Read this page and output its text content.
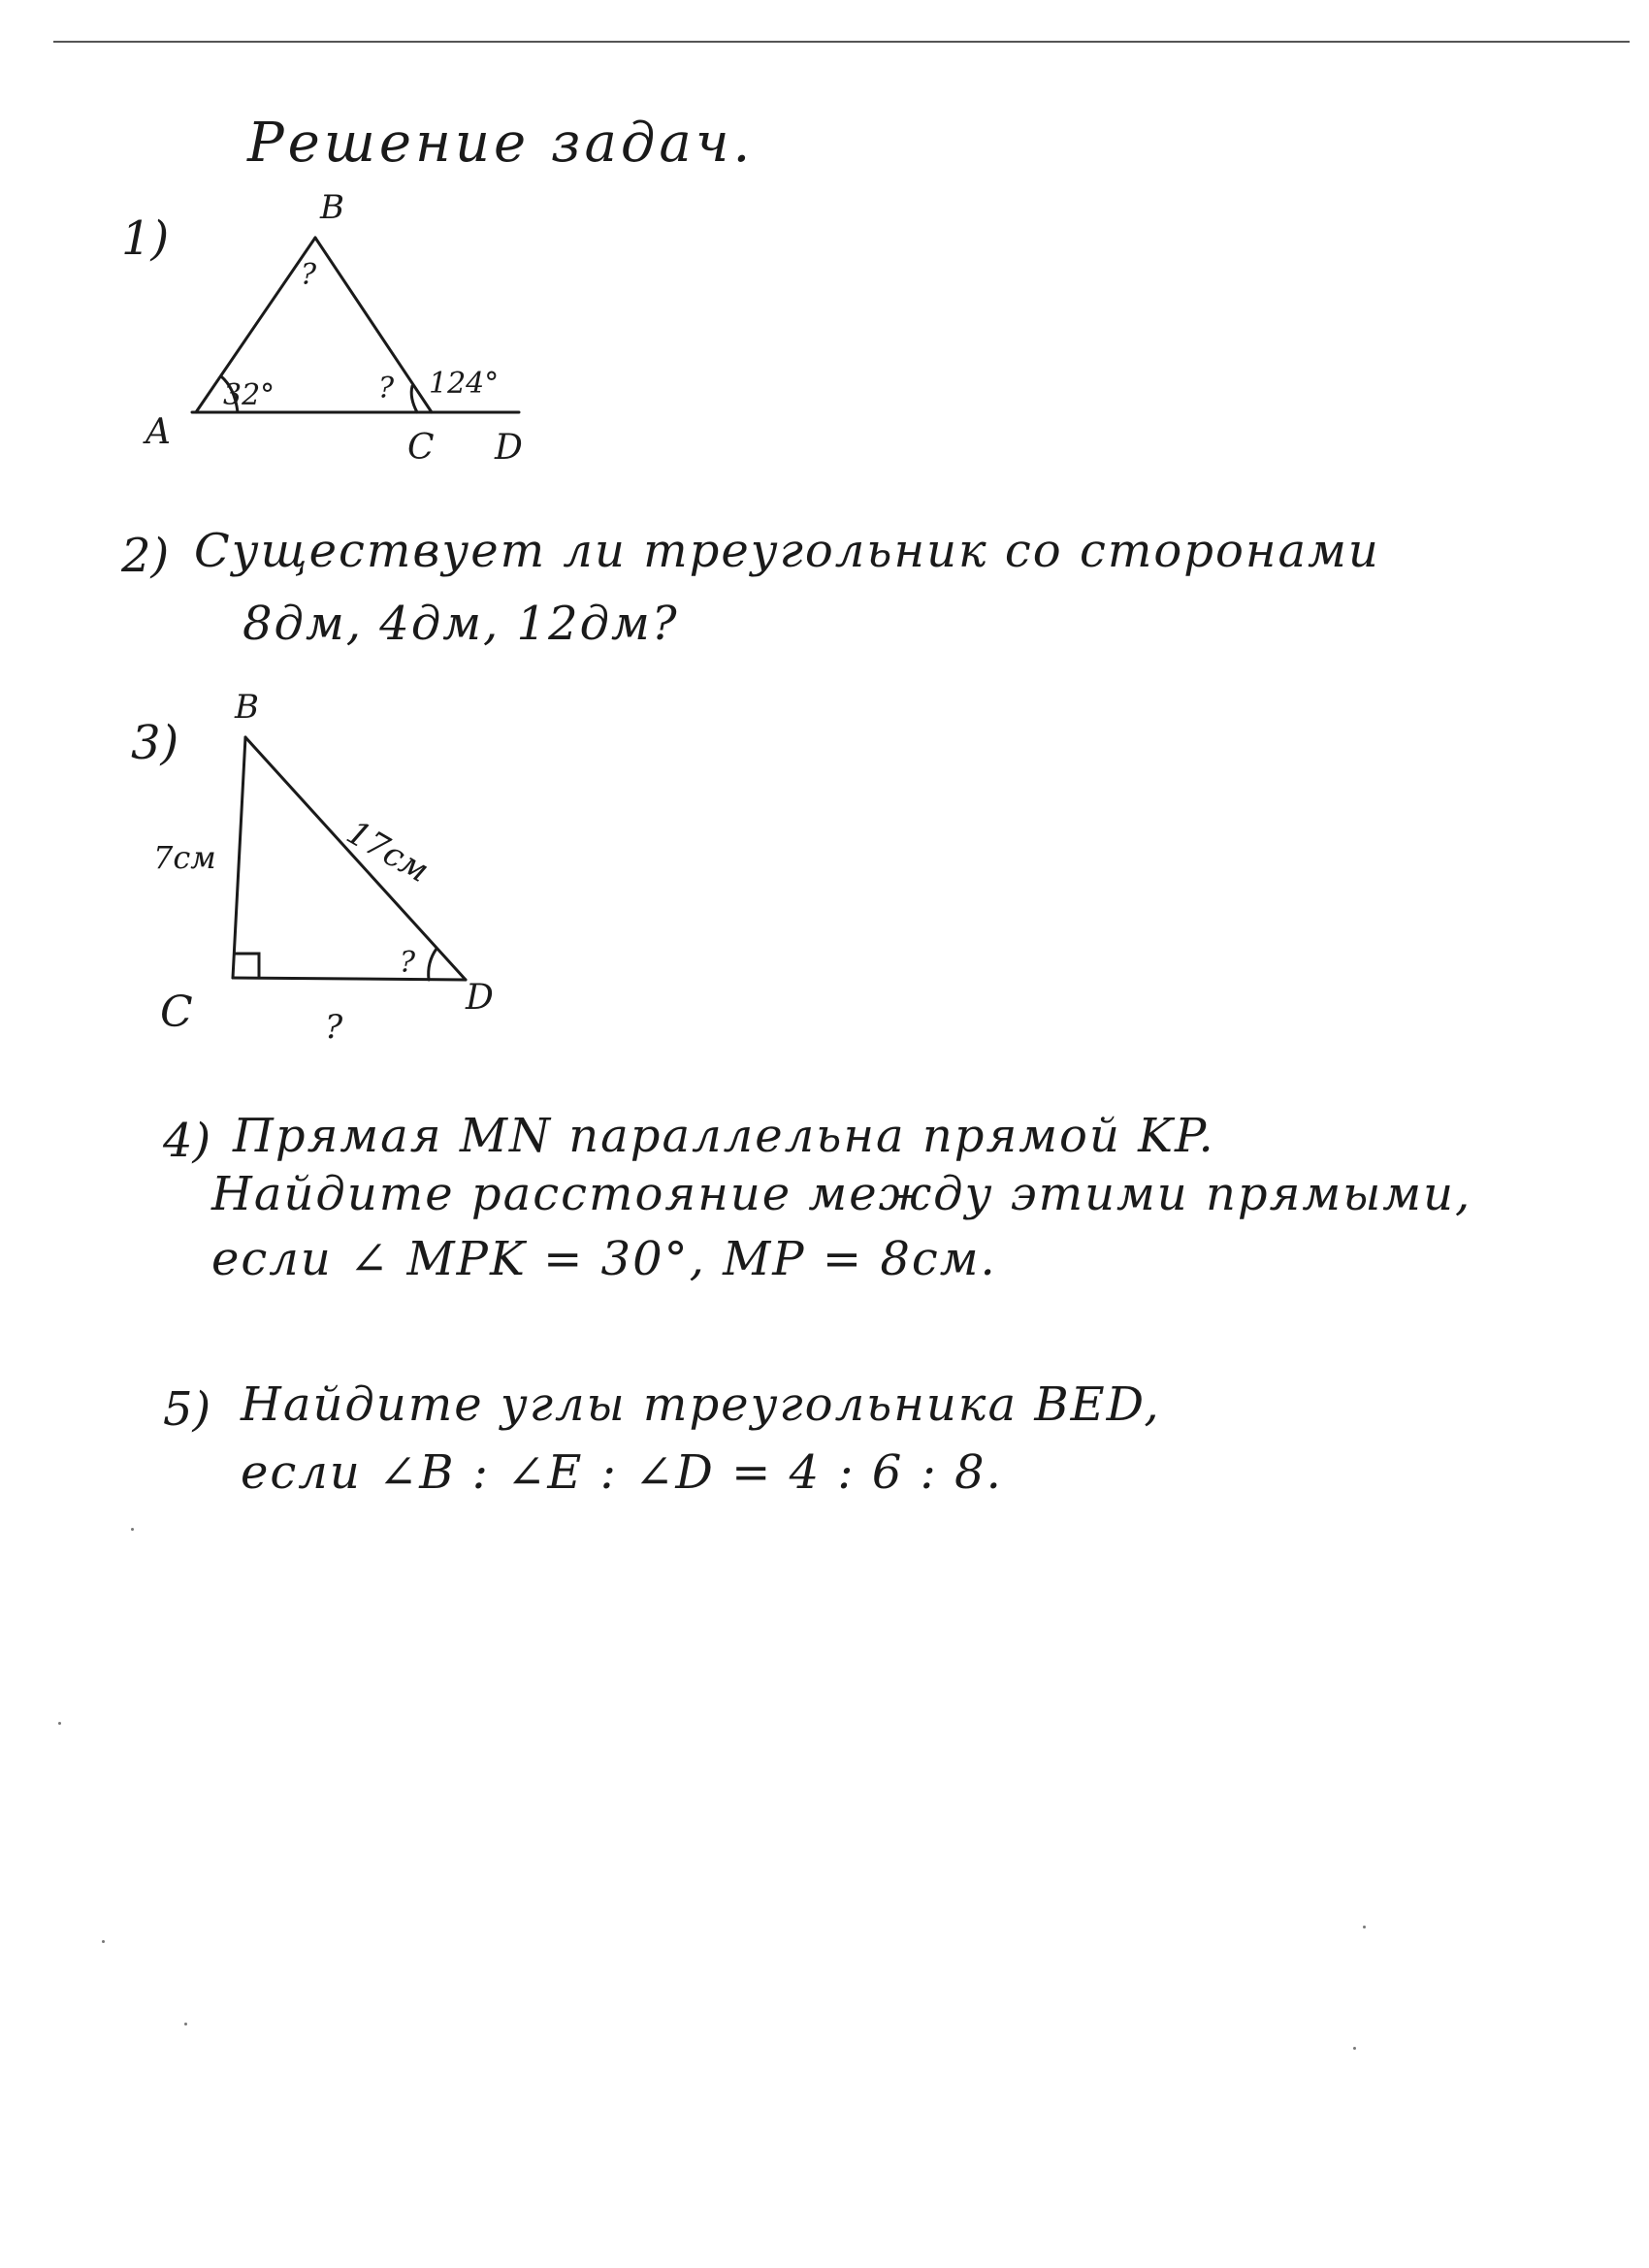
Решение задач.
1)
B
A	C D
32°
?
? 124°
2) Существует ли треугольник со сторонами
8дм, 4дм, 12дм?
3)
B
C	D
7см	17см
?
?
4) Прямая MN параллельна прямой KP.
Найдите расстояние между этими прямыми,
если ∠ MPK = 30°, MP = 8см.
5) Найдите углы треугольника BED,
если ∠B : ∠E : ∠D = 4 : 6 : 8.
